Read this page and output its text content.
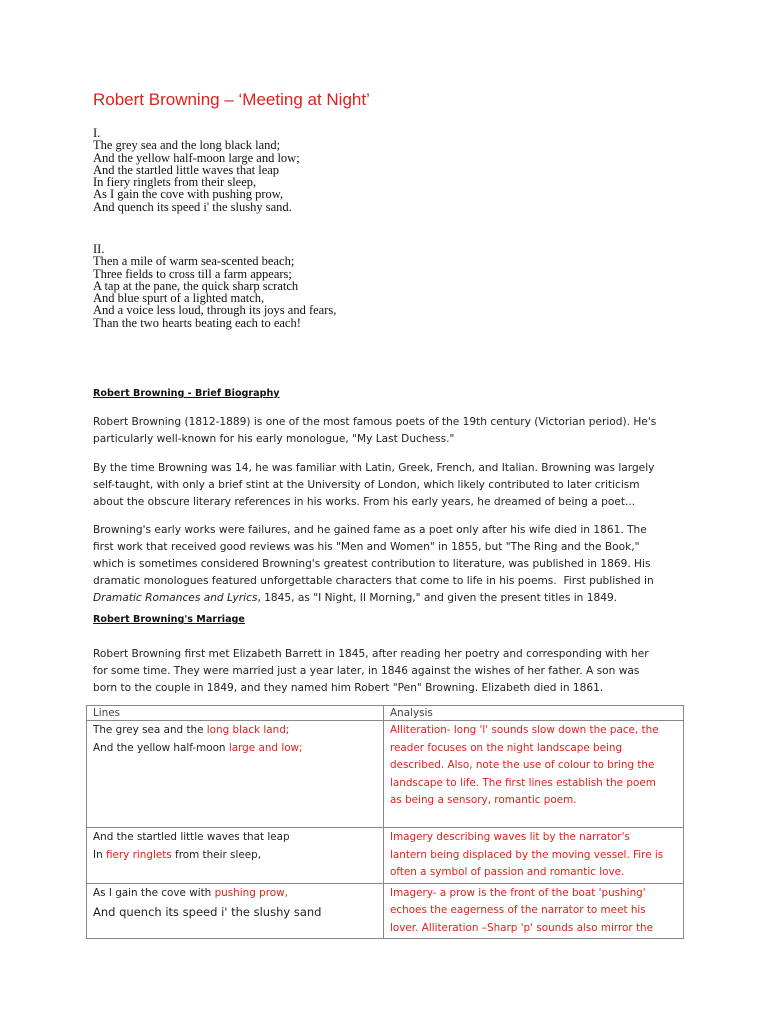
Robert Browning – ‘Meeting at Night’
I.
The grey sea and the long black land;
And the yellow half-moon large and low;
And the startled little waves that leap
In fiery ringlets from their sleep,
As I gain the cove with pushing prow,
And quench its speed i' the slushy sand.
II.
Then a mile of warm sea-scented beach;
Three fields to cross till a farm appears;
A tap at the pane, the quick sharp scratch
And blue spurt of a lighted match,
And a voice less loud, through its joys and fears,
Than the two hearts beating each to each!
Robert Browning - Brief Biography
Robert Browning (1812-1889) is one of the most famous poets of the 19th century (Victorian period). He's
particularly well-known for his early monologue, "My Last Duchess."
By the time Browning was 14, he was familiar with Latin, Greek, French, and Italian. Browning was largely
self-taught, with only a brief stint at the University of London, which likely contributed to later criticism
about the obscure literary references in his works. From his early years, he dreamed of being a poet...
Browning's early works were failures, and he gained fame as a poet only after his wife died in 1861. The
first work that received good reviews was his "Men and Women" in 1855, but "The Ring and the Book,"
which is sometimes considered Browning's greatest contribution to literature, was published in 1869. His
dramatic monologues featured unforgettable characters that come to life in his poems. First published in
Dramatic Romances and Lyrics, 1845, as "I Night, II Morning," and given the present titles in 1849.
Robert Browning's Marriage
Robert Browning first met Elizabeth Barrett in 1845, after reading her poetry and corresponding with her
for some time. They were married just a year later, in 1846 against the wishes of her father. A son was
born to the couple in 1849, and they named him Robert "Pen" Browning. Elizabeth died in 1861.
Lines	Analysis

The grey sea and the long black land;
And the yellow half-moon large and low;	Alliteration- long 'l' sounds slow down the pace, the
reader focuses on the night landscape being
described. Also, note the use of colour to bring the
landscape to life. The first lines establish the poem
as being a sensory, romantic poem.

And the startled little waves that leap
In fiery ringlets from their sleep,	Imagery describing waves lit by the narrator's
lantern being displaced by the moving vessel. Fire is
often a symbol of passion and romantic love.

As I gain the cove with pushing prow,
And quench its speed i' the slushy sand	Imagery- a prow is the front of the boat 'pushing'
echoes the eagerness of the narrator to meet his
lover. Alliteration –Sharp 'p' sounds also mirror the
